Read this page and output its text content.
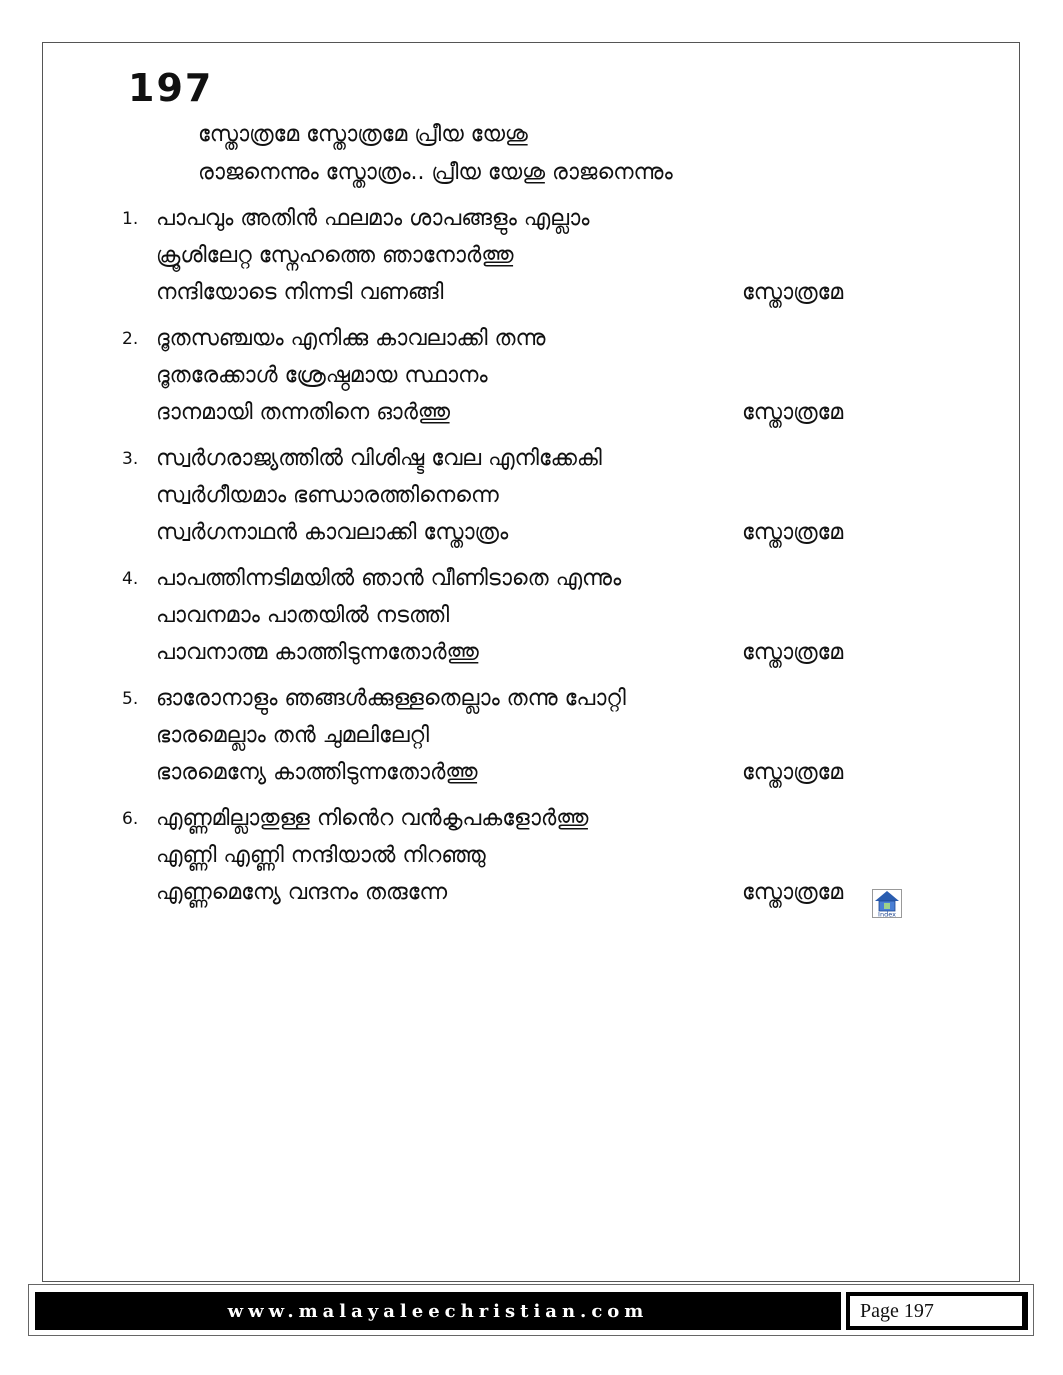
197
സ്തോത്രമേ സ്തോത്രമേ പ്രീയ യേശു
രാജനെന്നും സ്തോത്രം.. പ്രീയ യേശു രാജനെന്നും
1. പാപവും അതിൻ ഫലമാം ശാപങ്ങളും എല്ലാം
ക്രൂശിലേറ്റ സ്നേഹത്തെ ഞാനോർത്തു
നന്ദിയോടെ നിന്നടി വണങ്ങി	സ്തോത്രമേ
2. ദൂതസഞ്ചയം എനിക്കു കാവലാക്കി തന്നു
ദൂതരേക്കാൾ ശ്രേഷ്ഠമായ സ്ഥാനം
ദാനമായി തന്നതിനെ ഓർത്തു	സ്തോത്രമേ
3. സ്വർഗരാജ്യത്തിൽ വിശിഷ്ട വേല എനിക്കേകി
സ്വർഗീയമാം ഭണ്ഡാരത്തിനെന്നെ
സ്വർഗനാഥൻ കാവലാക്കി സ്തോത്രം	സ്തോത്രമേ
4. പാപത്തിന്നടിമയിൽ ഞാൻ വീണിടാതെ എന്നും
പാവനമാം പാതയിൽ നടത്തി
പാവനാത്മ കാത്തിടുന്നതോർത്തു	സ്തോത്രമേ
5. ഓരോനാളും ഞങ്ങൾക്കുള്ളതെല്ലാം തന്നു പോറ്റി
ഭാരമെല്ലാം തൻ ചുമലിലേറ്റി
ഭാരമെന്യേ കാത്തിടുന്നതോർത്തു	സ്തോത്രമേ
6. എണ്ണമില്ലാതുള്ള നിൻെറ വൻകൃപകളോർത്തു
എണ്ണി എണ്ണി നന്ദിയാൽ നിറഞ്ഞു
എണ്ണമെന്യേ വന്ദനം തരുന്നേ	സ്തോത്രമേ
Index
www.malayaleechristian.com	Page 197
